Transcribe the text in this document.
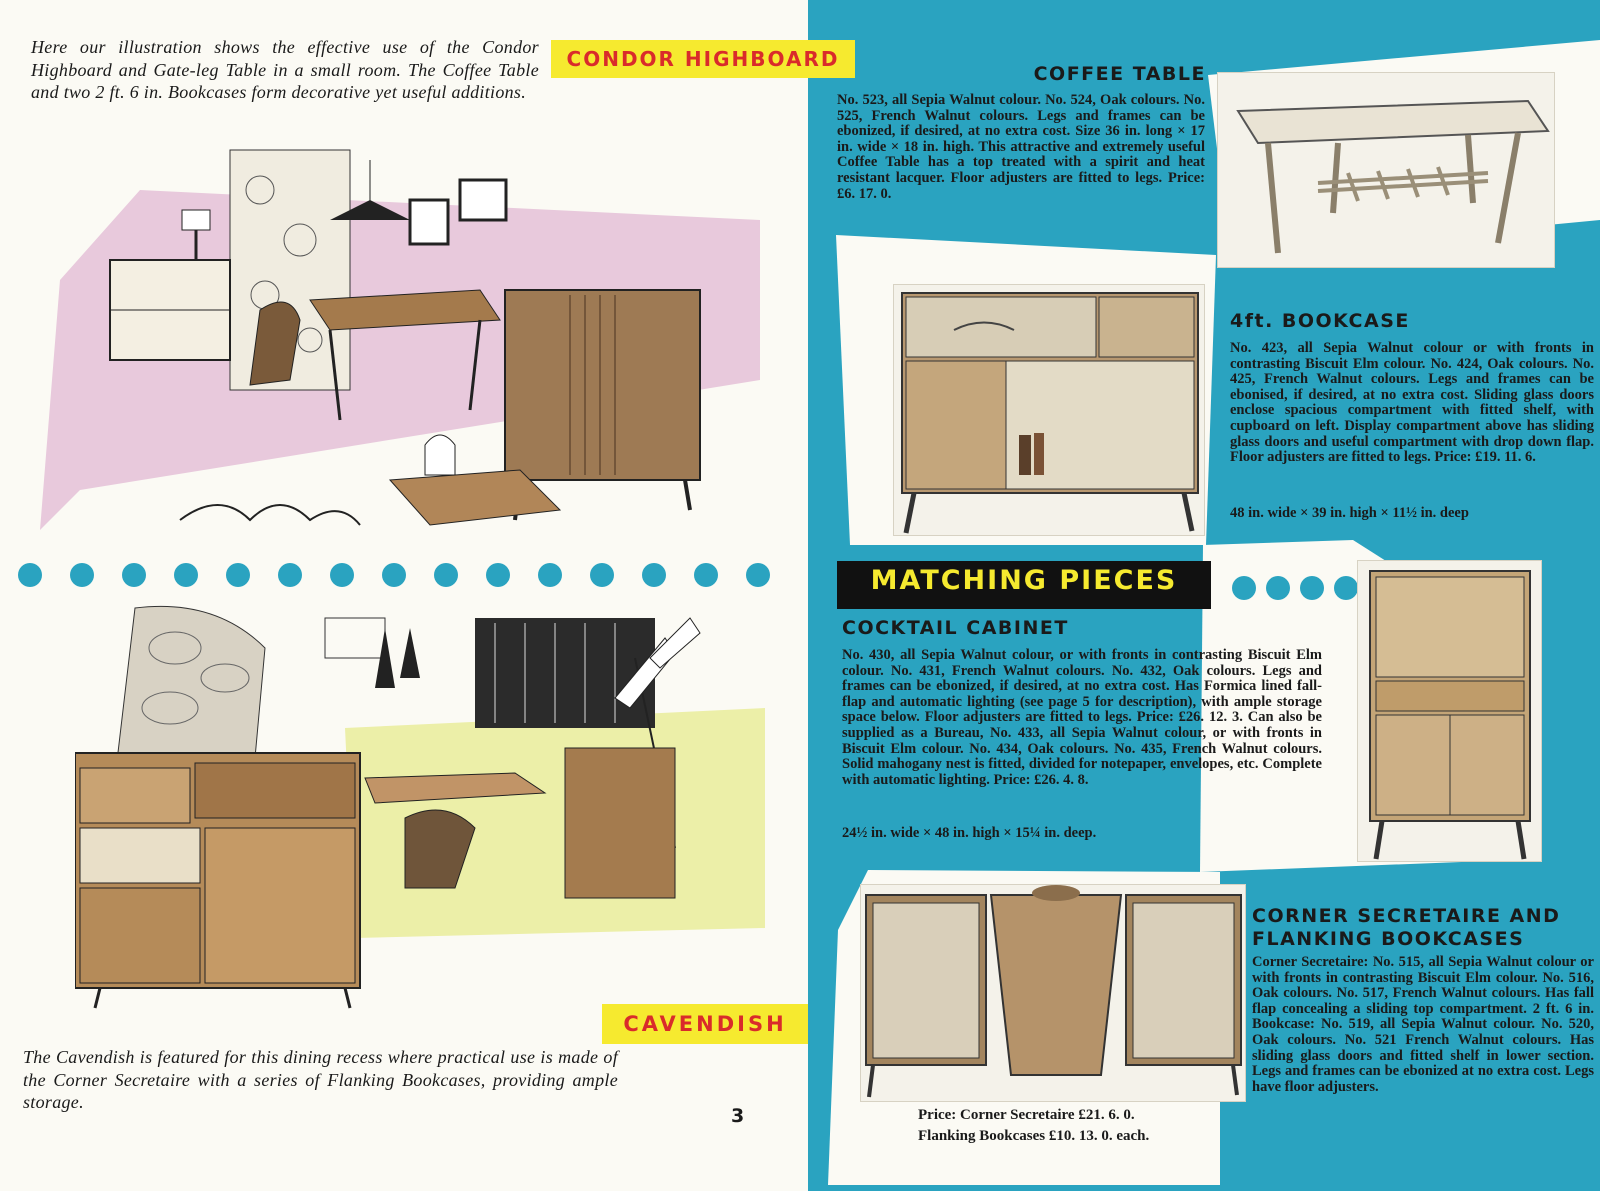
Here our illustration shows the effective use of the Condor Highboard and Gate-leg Table in a small room. The Coffee Table and two 2 ft. 6 in. Bookcases form decorative yet useful additions.
CONDOR HIGHBOARD
CAVENDISH
The Cavendish is featured for this dining recess where practical use is made of the Corner Secretaire with a series of Flanking Bookcases, providing ample storage.
3
COFFEE TABLE
No. 523, all Sepia Walnut colour. No. 524, Oak colours. No. 525, French Walnut colours. Legs and frames can be ebonized, if desired, at no extra cost. Size 36 in. long × 17 in. wide × 18 in. high. This attractive and extremely useful Coffee Table has a top treated with a spirit and heat resistant lacquer. Floor adjusters are fitted to legs. Price: £6. 17. 0.
4ft. BOOKCASE
No. 423, all Sepia Walnut colour or with fronts in contrasting Biscuit Elm colour. No. 424, Oak colours. No. 425, French Walnut colours. Legs and frames can be ebonised, if desired, at no extra cost. Sliding glass doors enclose spacious compartment with fitted shelf, with cupboard on left. Display compartment above has sliding glass doors and useful compartment with drop down flap. Floor adjusters are fitted to legs. Price: £19. 11. 6.
48 in. wide × 39 in. high × 11½ in. deep
MATCHING PIECES
COCKTAIL CABINET
No. 430, all Sepia Walnut colour, or with fronts in contrasting Biscuit Elm colour. No. 431, French Walnut colours. No. 432, Oak colours. Legs and frames can be ebonized, if desired, at no extra cost. Has Formica lined fall-flap and automatic lighting (see page 5 for description), with ample storage space below. Floor adjusters are fitted to legs. Price: £26. 12. 3. Can also be supplied as a Bureau, No. 433, all Sepia Walnut colour, or with fronts in Biscuit Elm colour. No. 434, Oak colours. No. 435, French Walnut colours. Solid mahogany nest is fitted, divided for notepaper, envelopes, etc. Complete with automatic lighting. Price: £26. 4. 8.
24½ in. wide × 48 in. high × 15¼ in. deep.
CORNER SECRETAIRE AND
FLANKING BOOKCASES
Corner Secretaire: No. 515, all Sepia Walnut colour or with fronts in contrasting Biscuit Elm colour. No. 516, Oak colours. No. 517, French Walnut colours. Has fall flap concealing a sliding top compartment. 2 ft. 6 in. Bookcase: No. 519, all Sepia Walnut colour. No. 520, Oak colours. No. 521 French Walnut colours. Has sliding glass doors and fitted shelf in lower section. Legs and frames can be ebonized at no extra cost. Legs have floor adjusters.
Price: Corner Secretaire £21. 6. 0.
Flanking Bookcases £10. 13. 0. each.
